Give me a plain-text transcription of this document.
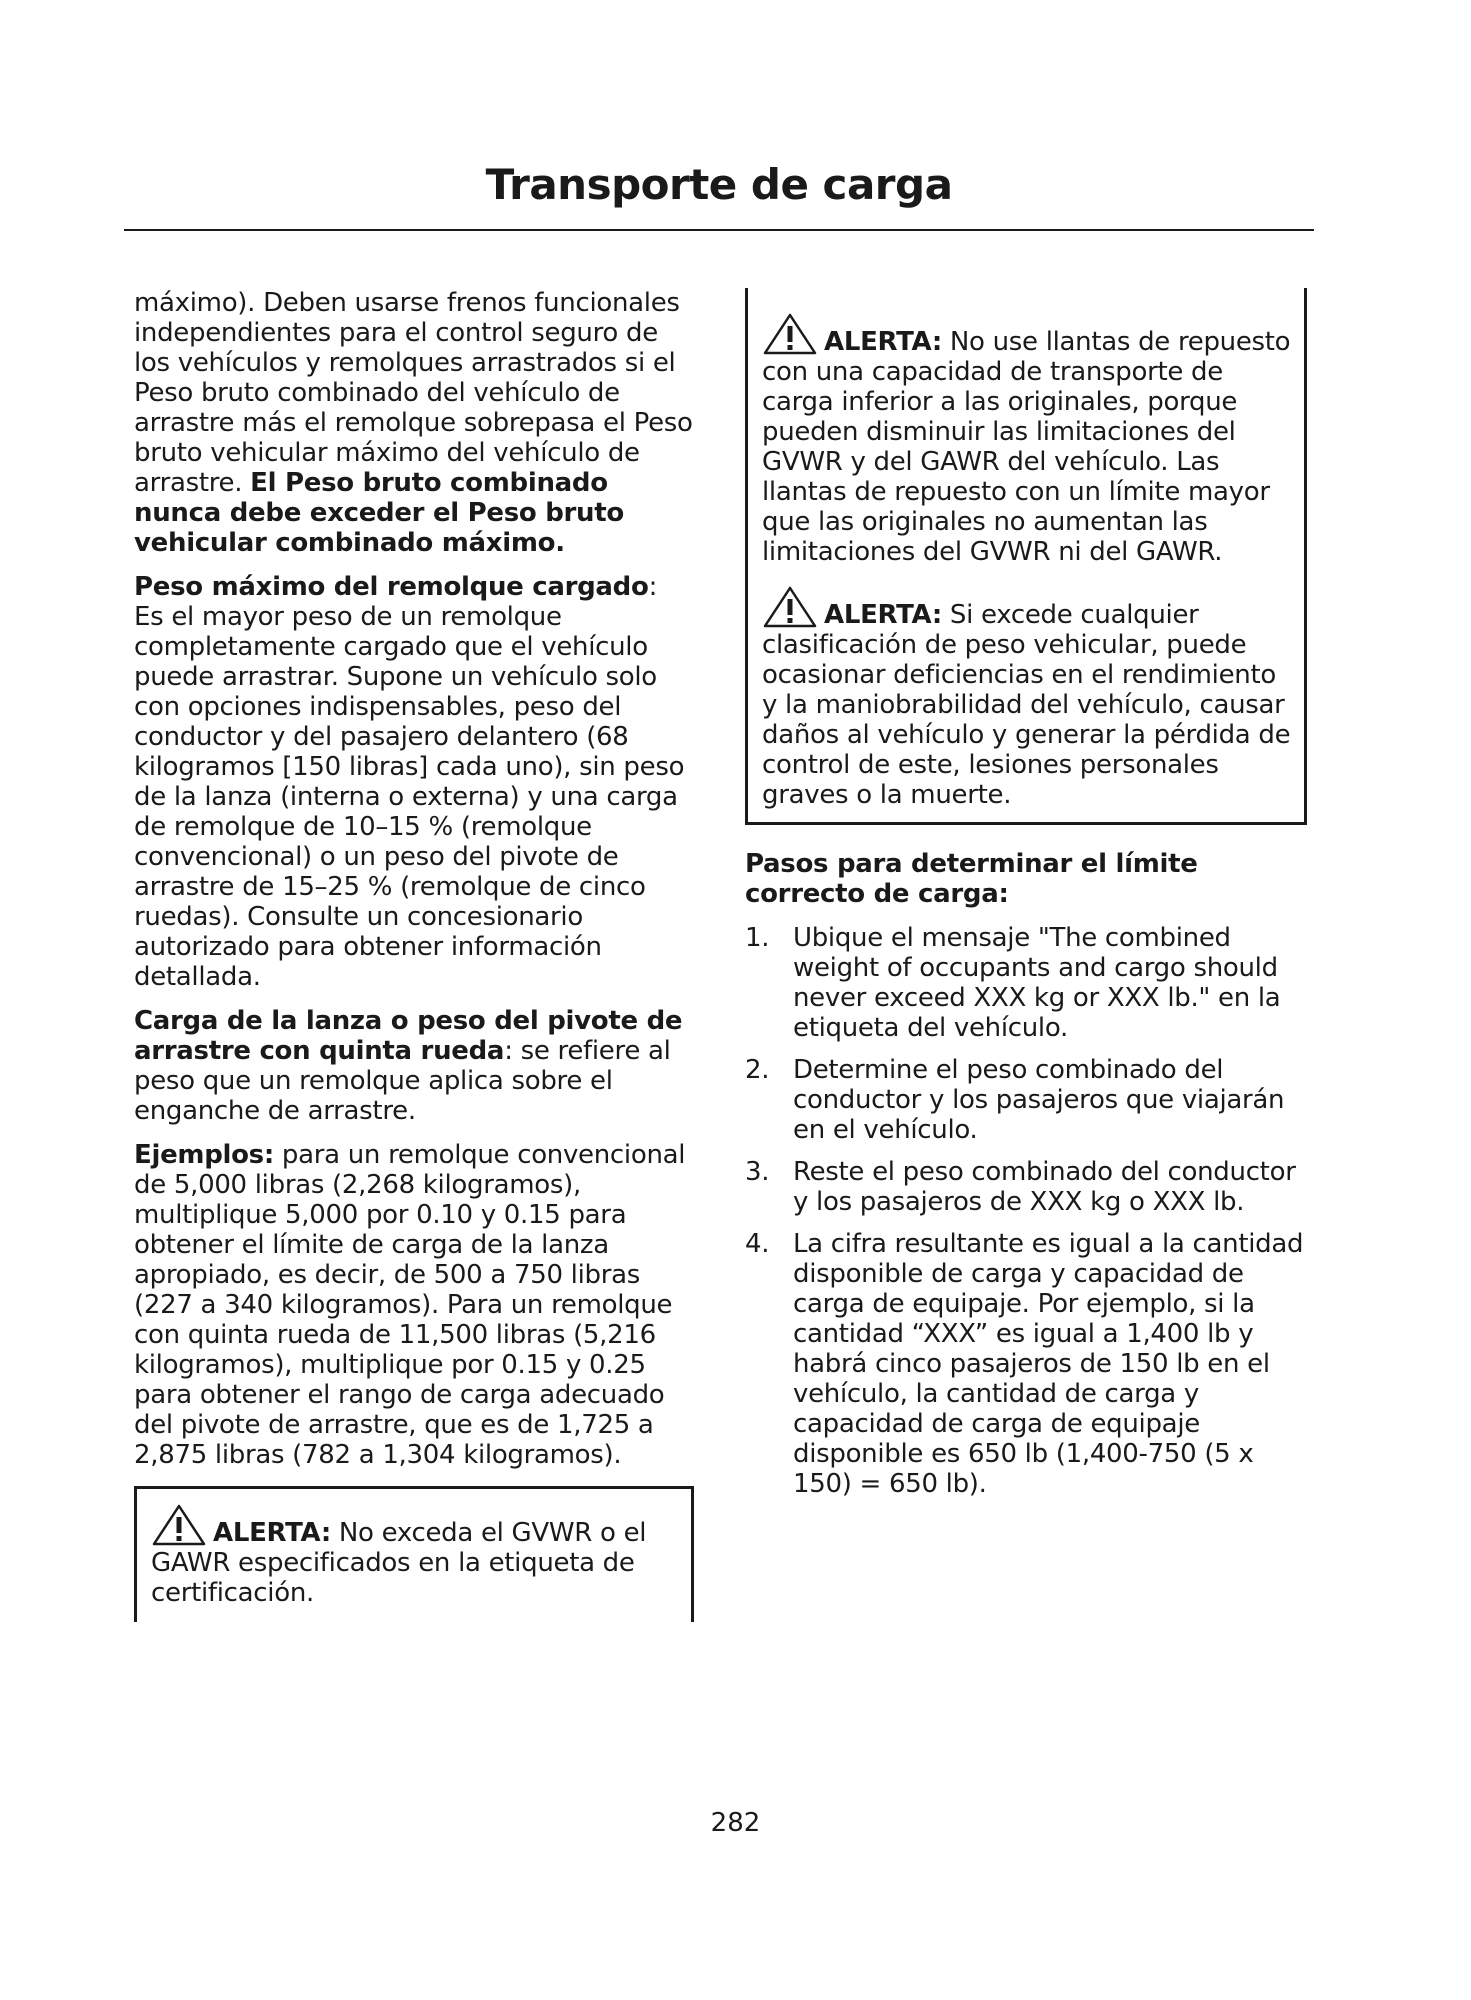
Transporte de carga

máximo). Deben usarse frenos funcionales independientes para el control seguro de los vehículos y remolques arrastrados si el Peso bruto combinado del vehículo de arrastre más el remolque sobrepasa el Peso bruto vehicular máximo del vehículo de arrastre. El Peso bruto combinado nunca debe exceder el Peso bruto vehicular combinado máximo.

Peso máximo del remolque cargado: Es el mayor peso de un remolque completamente cargado que el vehículo puede arrastrar. Supone un vehículo solo con opciones indispensables, peso del conductor y del pasajero delantero (68 kilogramos [150 libras] cada uno), sin peso de la lanza (interna o externa) y una carga de remolque de 10–15 % (remolque convencional) o un peso del pivote de arrastre de 15–25 % (remolque de cinco ruedas). Consulte un concesionario autorizado para obtener información detallada.

Carga de la lanza o peso del pivote de arrastre con quinta rueda: se refiere al peso que un remolque aplica sobre el enganche de arrastre.

Ejemplos: para un remolque convencional de 5,000 libras (2,268 kilogramos), multiplique 5,000 por 0.10 y 0.15 para obtener el límite de carga de la lanza apropiado, es decir, de 500 a 750 libras (227 a 340 kilogramos). Para un remolque con quinta rueda de 11,500 libras (5,216 kilogramos), multiplique por 0.15 y 0.25 para obtener el rango de carga adecuado del pivote de arrastre, que es de 1,725 a 2,875 libras (782 a 1,304 kilogramos).

ALERTA: No exceda el GVWR o el GAWR especificados en la etiqueta de certificación.
ALERTA: No use llantas de repuesto con una capacidad de transporte de carga inferior a las originales, porque pueden disminuir las limitaciones del GVWR y del GAWR del vehículo. Las llantas de repuesto con un límite mayor que las originales no aumentan las limitaciones del GVWR ni del GAWR.
ALERTA: Si excede cualquier clasificación de peso vehicular, puede ocasionar deficiencias en el rendimiento y la maniobrabilidad del vehículo, causar daños al vehículo y generar la pérdida de control de este, lesiones personales graves o la muerte.
Pasos para determinar el límite correcto de carga:
1. Ubique el mensaje "The combined weight of occupants and cargo should never exceed XXX kg or XXX lb." en la etiqueta del vehículo.
2. Determine el peso combinado del conductor y los pasajeros que viajarán en el vehículo.
3. Reste el peso combinado del conductor y los pasajeros de XXX kg o XXX lb.
4. La cifra resultante es igual a la cantidad disponible de carga y capacidad de carga de equipaje. Por ejemplo, si la cantidad “XXX” es igual a 1,400 lb y habrá cinco pasajeros de 150 lb en el vehículo, la cantidad de carga y capacidad de carga de equipaje disponible es 650 lb (1,400-750 (5 x 150) = 650 lb).
282
